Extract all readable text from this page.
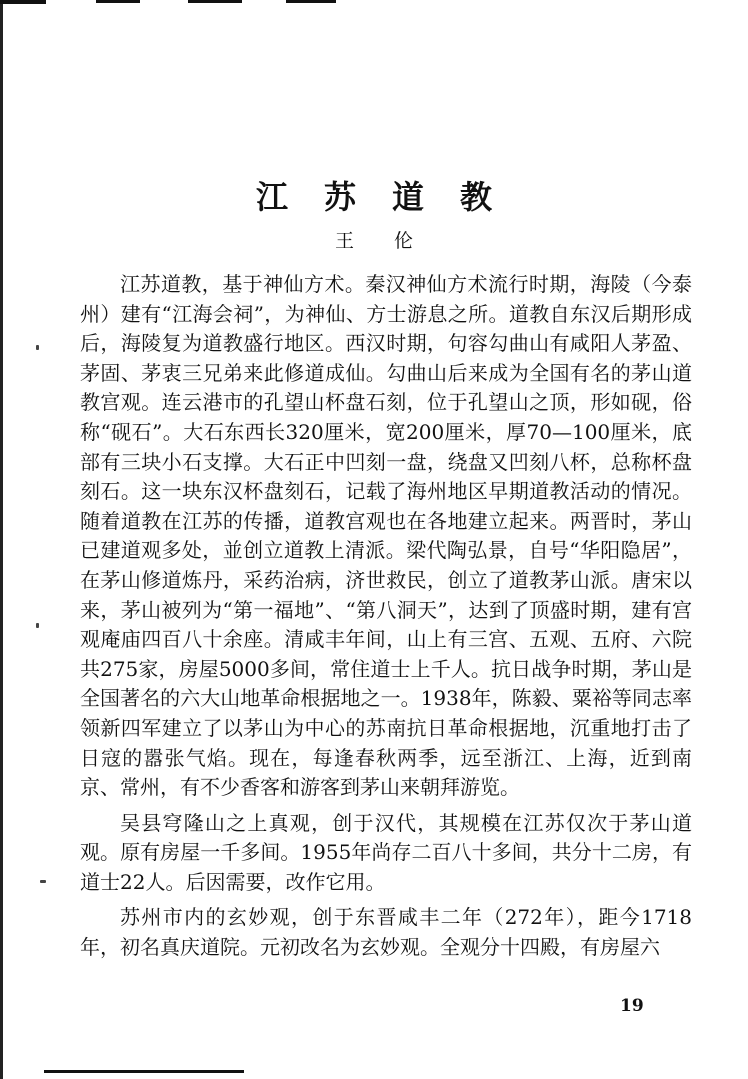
江苏道教
王伦

江苏道教，基于神仙方术。秦汉神仙方术流行时期，海陵（今泰州）建有“江海会祠”，为神仙、方士游息之所。道教自东汉后期形成后，海陵复为道教盛行地区。西汉时期，句容勾曲山有咸阳人茅盈、茅固、茅衷三兄弟来此修道成仙。勾曲山后来成为全国有名的茅山道教宫观。连云港市的孔望山杯盘石刻，位于孔望山之顶，形如砚，俗称“砚石”。大石东西长320厘米，宽200厘米，厚70—100厘米，底部有三块小石支撑。大石正中凹刻一盘，绕盘又凹刻八杯，总称杯盘刻石。这一块东汉杯盘刻石，记载了海州地区早期道教活动的情况。随着道教在江苏的传播，道教宫观也在各地建立起来。两晋时，茅山已建道观多处，並创立道教上清派。梁代陶弘景，自号“华阳隐居”，在茅山修道炼丹，采药治病，济世救民，创立了道教茅山派。唐宋以来，茅山被列为“第一福地”、“第八洞天”，达到了顶盛时期，建有宫观庵庙四百八十余座。清咸丰年间，山上有三宫、五观、五府、六院共275家，房屋5000多间，常住道士上千人。抗日战争时期，茅山是全国著名的六大山地革命根据地之一。1938年，陈毅、粟裕等同志率领新四军建立了以茅山为中心的苏南抗日革命根据地，沉重地打击了日寇的嚣张气焰。现在，每逢春秋两季，远至浙江、上海，近到南京、常州，有不少香客和游客到茅山来朝拜游览。

吴县穹隆山之上真观，创于汉代，其规模在江苏仅次于茅山道观。原有房屋一千多间。1955年尚存二百八十多间，共分十二房，有道士22人。后因需要，改作它用。

苏州市内的玄妙观，创于东晋咸丰二年（272年），距今1718年，初名真庆道院。元初改名为玄妙观。全观分十四殿，有房屋六

19
